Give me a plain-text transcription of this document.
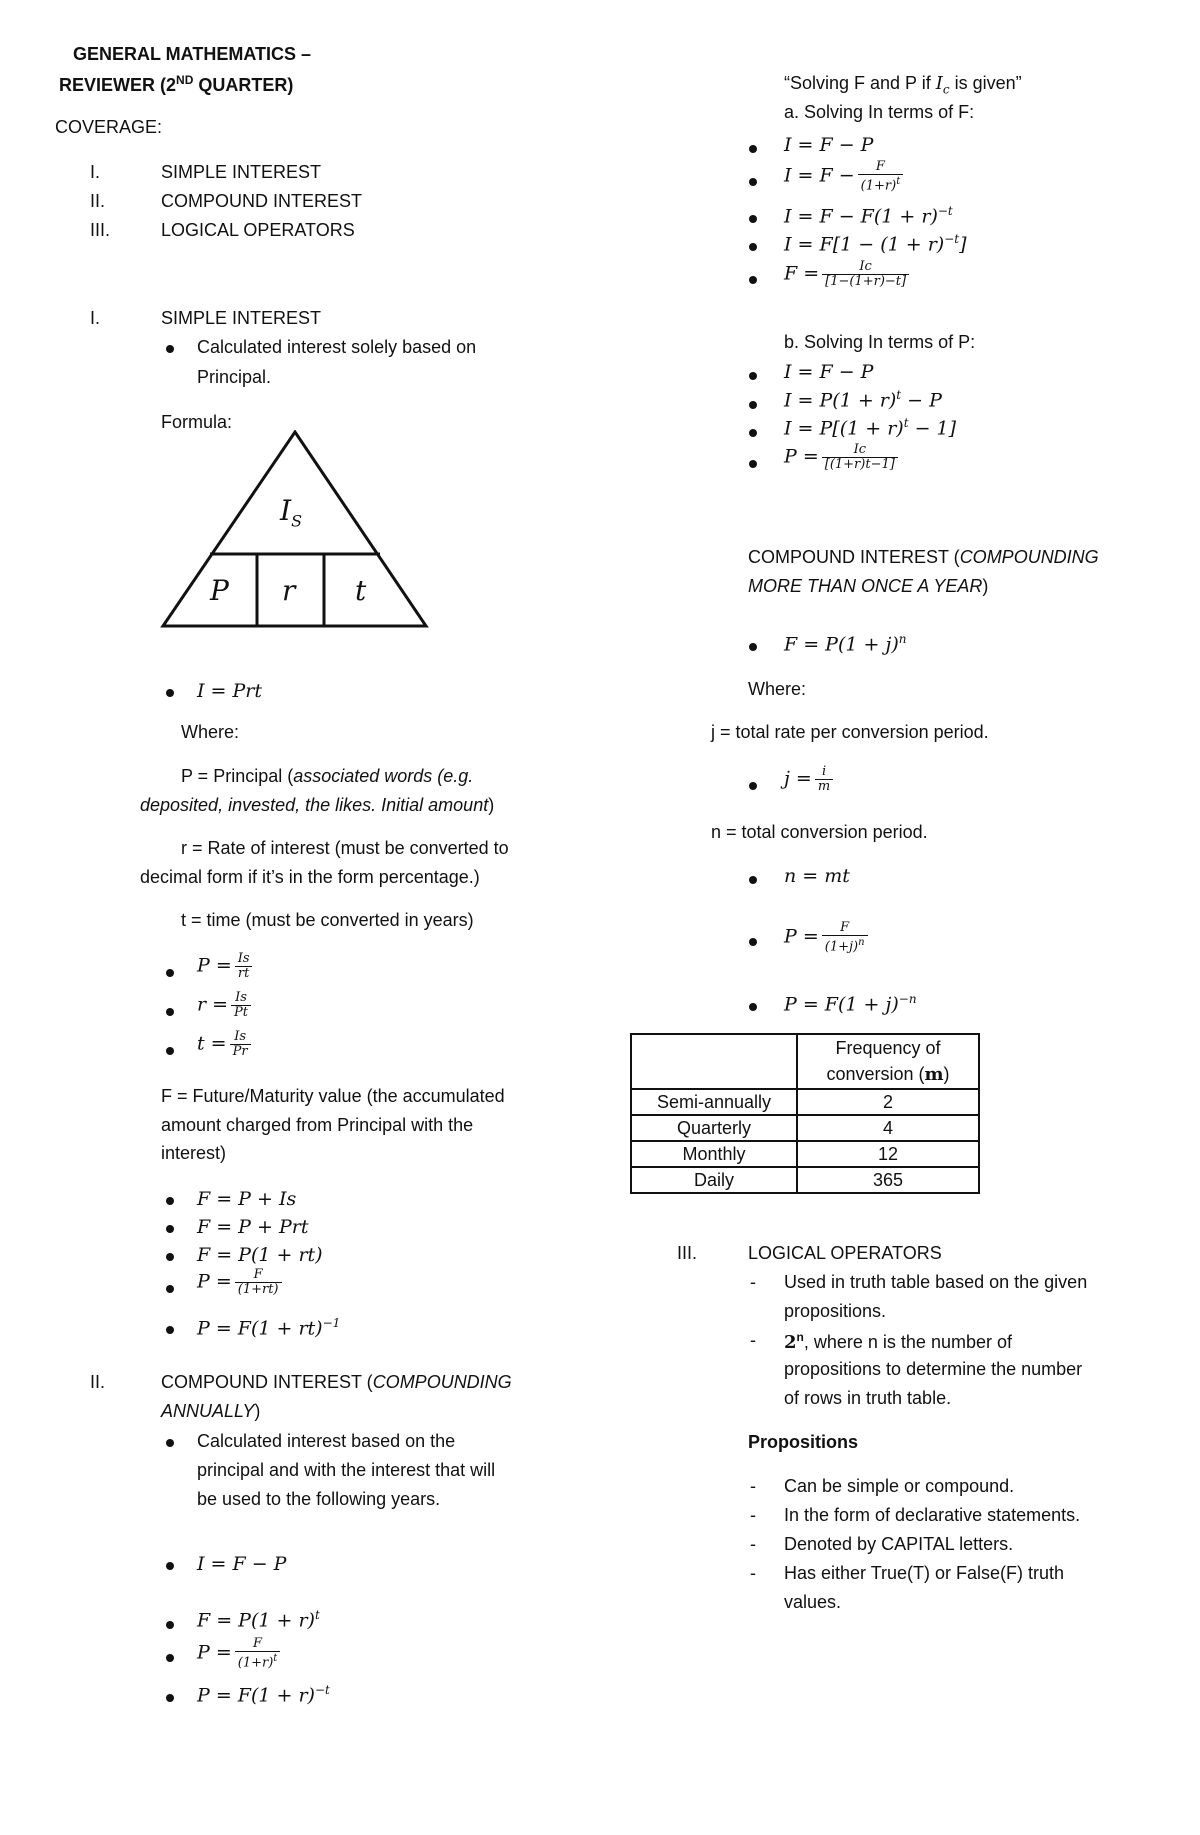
GENERAL MATHEMATICS –
REVIEWER (2ND QUARTER)
COVERAGE:
I.	SIMPLE INTEREST
II.	COMPOUND INTEREST
III.	LOGICAL OPERATORS
I.	SIMPLE INTEREST
Calculated interest solely based on
Principal.
Formula:
$I_S$
P r t
I = Prt
Where:
P = Principal (associated words (e.g.
deposited, invested, the likes. Initial amount)
r = Rate of interest (must be converted to
decimal form if it’s in the form percentage.)
t = time (must be converted in years)
$P = \frac{Is}{rt}$
$r = \frac{Is}{Pt}$
$t = \frac{Is}{Pr}$
F = Future/Maturity value (the accumulated
amount charged from Principal with the
interest)
F = P + Is
F = P + Prt
F = P(1 + rt)
$P = \frac{F}{(1+rt)}$
P = F(1 + rt)$^{-1}$
II.	COMPOUND INTEREST (COMPOUNDING
ANNUALLY)
Calculated interest based on the
principal and with the interest that will
be used to the following years.
I = F − P
$F = P(1 + r)^t$
$P = \frac{F}{(1+r)^t}$
$P = F(1 + r)^{-t}$
“Solving F and P if $I_c$ is given”
a. Solving In terms of F:
I = F − P
$I = F - \frac{F}{(1+r)^t}$
$I = F - F(1 + r)^{-t}$
$I = F[1 - (1 + r)^{-t}]$
$F = \frac{Ic}{[1-(1+r)-t]}$
b. Solving In terms of P:
I = F − P
$I = P(1 + r)^t - P$
$I = P[(1 + r)^t - 1]$
$P = \frac{Ic}{[(1+r)t-1]}$
COMPOUND INTEREST (COMPOUNDING
MORE THAN ONCE A YEAR)
$F = P(1 + j)^n$
Where:
j = total rate per conversion period.
$j = \frac{i}{m}$
n = total conversion period.
n = mt
$P = \frac{F}{(1+j)^n}$
$P = F(1 + j)^{-n}$
	Frequency of
conversion (m)
Semi-annually	2
Quarterly	4
Monthly	12
Daily	365
III.	LOGICAL OPERATORS
- Used in truth table based on the given
propositions.
- 2$^n$, where n is the number of
propositions to determine the number
of rows in truth table.
Propositions
- Can be simple or compound.
- In the form of declarative statements.
- Denoted by CAPITAL letters.
- Has either True(T) or False(F) truth
values.
